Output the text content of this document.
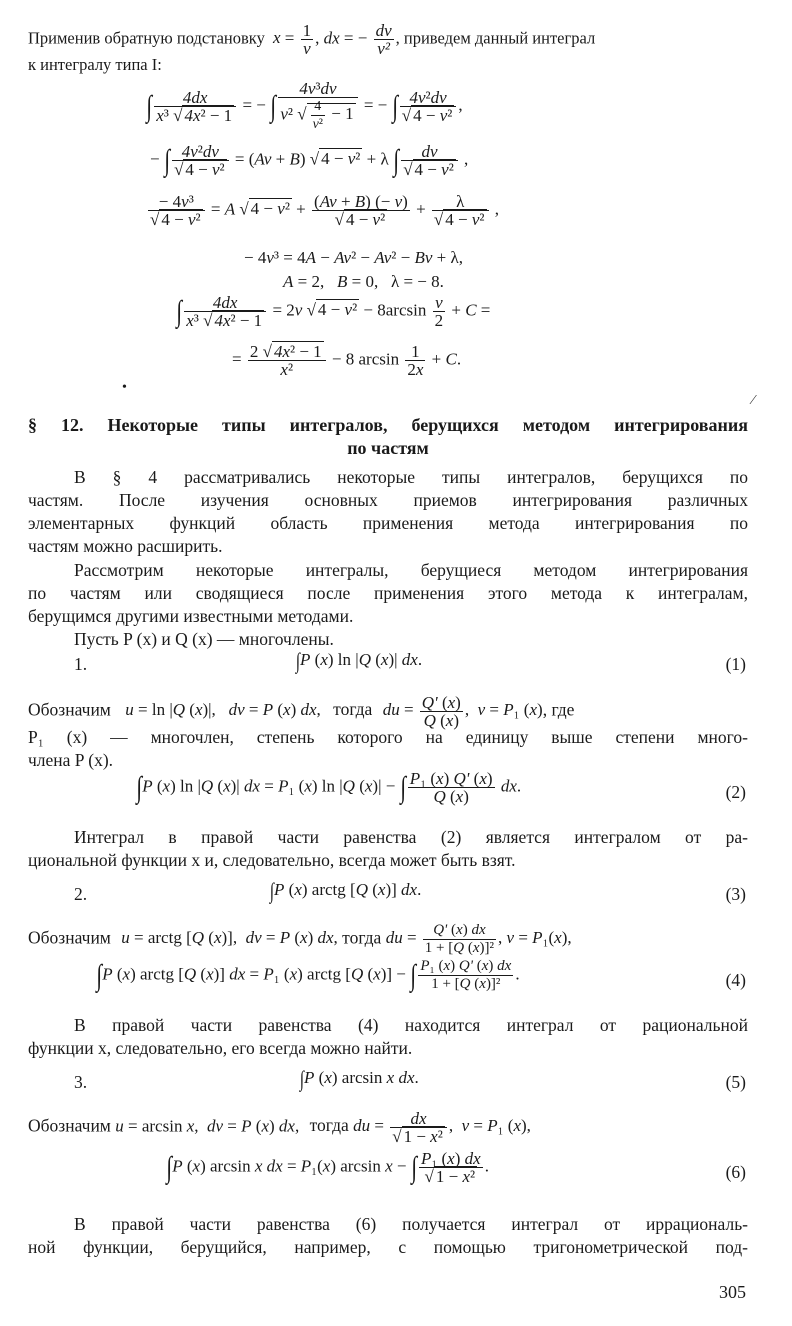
Применив обратную подстановку $x = \frac{1}{v}$ , dx = − $\frac{dv}{\text{v²}}$ , приведем данный интеграл
к интегралу типа I:
∫ $\frac{4dx}{\text{x³ √ 4x² − 1}}$ = − ∫ $\frac{\text{4v³dv}}{v^2 √ \frac{4}{\text{v²}} - 1}$ = − ∫ $\frac{\text{4v²dv}}{\text{√ 4 − v²}}$ ,
− ∫ $\frac{\text{4v²dv}}{\text{√ 4 − v²}} = (Av + B)$ √ 4 − v² + λ ∫ $\frac{dv}{\text{√ 4 − v²}}$ ,
$\frac{\text{− 4v³}}{\text{√ 4 − v²}} = A$ √ $4 - v^2 + \frac{(Av + B) (- v)}{\text{√ 4 − v²}} + \frac{\lambda}{\text{√ 4 − v²}}$ ,
− 4v³ = 4A − Av² − Av² − Bv + λ,
A = 2,   B = 0,   λ = − 8.
∫ $\frac{4dx}{\text{x³ √ 4x² − 1}} = 2v$ √ $4 - v^2 - 8\arcsin \frac{v}{2} + C$ =
= $\frac{\text{2 √ 4x² − 1}}{\text{x²}} - 8$ $\arcsin \frac{1}{2x} + C$.
•
⁄
§ 12. Некоторые типы интегралов, берущихся методом интегрирования
по частям
В § 4 рассматривались некоторые типы интегралов, берущихся по
частям. После изучения основных приемов интегрирования различных
элементарных функций область применения метода интегрирования по
частям можно расширить.
Рассмотрим некоторые интегралы, берущиеся методом интегрирования
по частям или сводящиеся после применения этого метода к интегралам,
берущимся другими известными методами.
Пусть P (x) и Q (x) — многочлены.
1.	∫P (x) ln |Q (x)| dx.	(1)
Обозначим u = ln |Q (x)|,   dv = P (x) dx, тогда du = $\frac{Q' (x)}{Q (x)}$ ,  v = P₁ (x), где
P₁ (x) — многочлен, степень которого на единицу выше степени много-
члена P (x).
∫P (x) ln |Q (x)| dx = P₁ (x) ln |Q (x)| − ∫ $\frac{\text{P₁ (x) Q' (x)}}{Q (x)}$ dx.	(2)
Интеграл в правой части равенства (2) является интегралом от ра-
циональной функции x и, следовательно, всегда может быть взят.
2.	∫P (x) arctg [Q (x)] dx.	(3)
Обозначим u = arctg [Q (x)],  dv = P (x) dx, тогда du = $\frac{Q' (x) dx}{\text{1 + [Q (x)]²}}$ , v = P₁(x),
∫P (x) arctg [Q (x)] dx = P₁ (x) arctg [Q (x)] − ∫ $\frac{\text{P₁ (x) Q' (x) dx}}{\text{1 + [Q (x)]²}}$ .	(4)
В правой части равенства (4) находится интеграл от рациональной
функции x, следовательно, его всегда можно найти.
3.	∫P (x) arcsin x dx.	(5)
Обозначим u = arcsin x,  dv = P (x) dx, тогда du = $\frac{dx}{\text{√ 1 − x²}}$ ,  v = P₁ (x),
∫P (x) arcsin x dx = P₁(x) arcsin x − ∫ $\frac{\text{P₁ (x) dx}}{\text{√ 1 − x²}}$ .	(6)
В правой части равенства (6) получается интеграл от иррациональ-
ной функции, берущийся, например, с помощью тригонометрической под-
305
